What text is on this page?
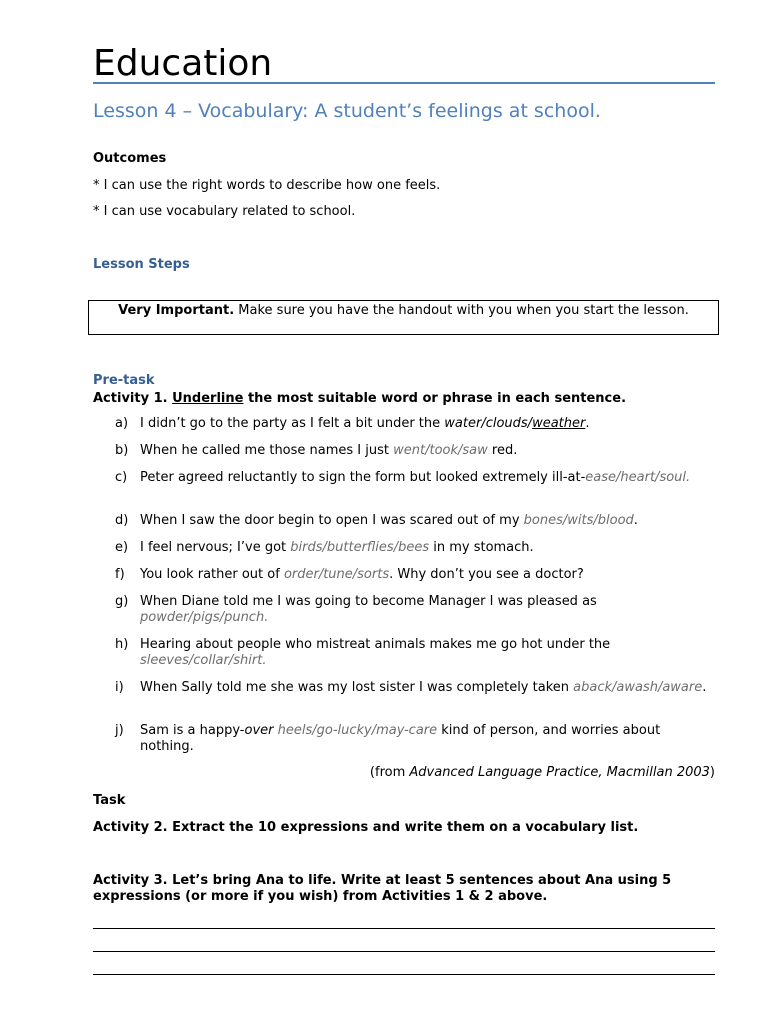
Education
Lesson 4 – Vocabulary: A student’s feelings at school.
Outcomes
* I can use the right words to describe how one feels.
* I can use vocabulary related to school.
Lesson Steps
Very Important. Make sure you have the handout with you when you start the lesson.
Pre-task
Activity 1. Underline the most suitable word or phrase in each sentence.
a) I didn’t go to the party as I felt a bit under the water/clouds/weather.
b) When he called me those names I just went/took/saw red.
c) Peter agreed reluctantly to sign the form but looked extremely ill-at-ease/heart/soul.
d) When I saw the door begin to open I was scared out of my bones/wits/blood.
e) I feel nervous; I’ve got birds/butterflies/bees in my stomach.
f) You look rather out of order/tune/sorts. Why don’t you see a doctor?
g) When Diane told me I was going to become Manager I was pleased as powder/pigs/punch.
h) Hearing about people who mistreat animals makes me go hot under the sleeves/collar/shirt.
i) When Sally told me she was my lost sister I was completely taken aback/awash/aware.
j) Sam is a happy-over heels/go-lucky/may-care kind of person, and worries about nothing.
(from Advanced Language Practice, Macmillan 2003)
Task
Activity 2. Extract the 10 expressions and write them on a vocabulary list.
Activity 3. Let’s bring Ana to life. Write at least 5 sentences about Ana using 5 expressions (or more if you wish) from Activities 1 & 2 above.
